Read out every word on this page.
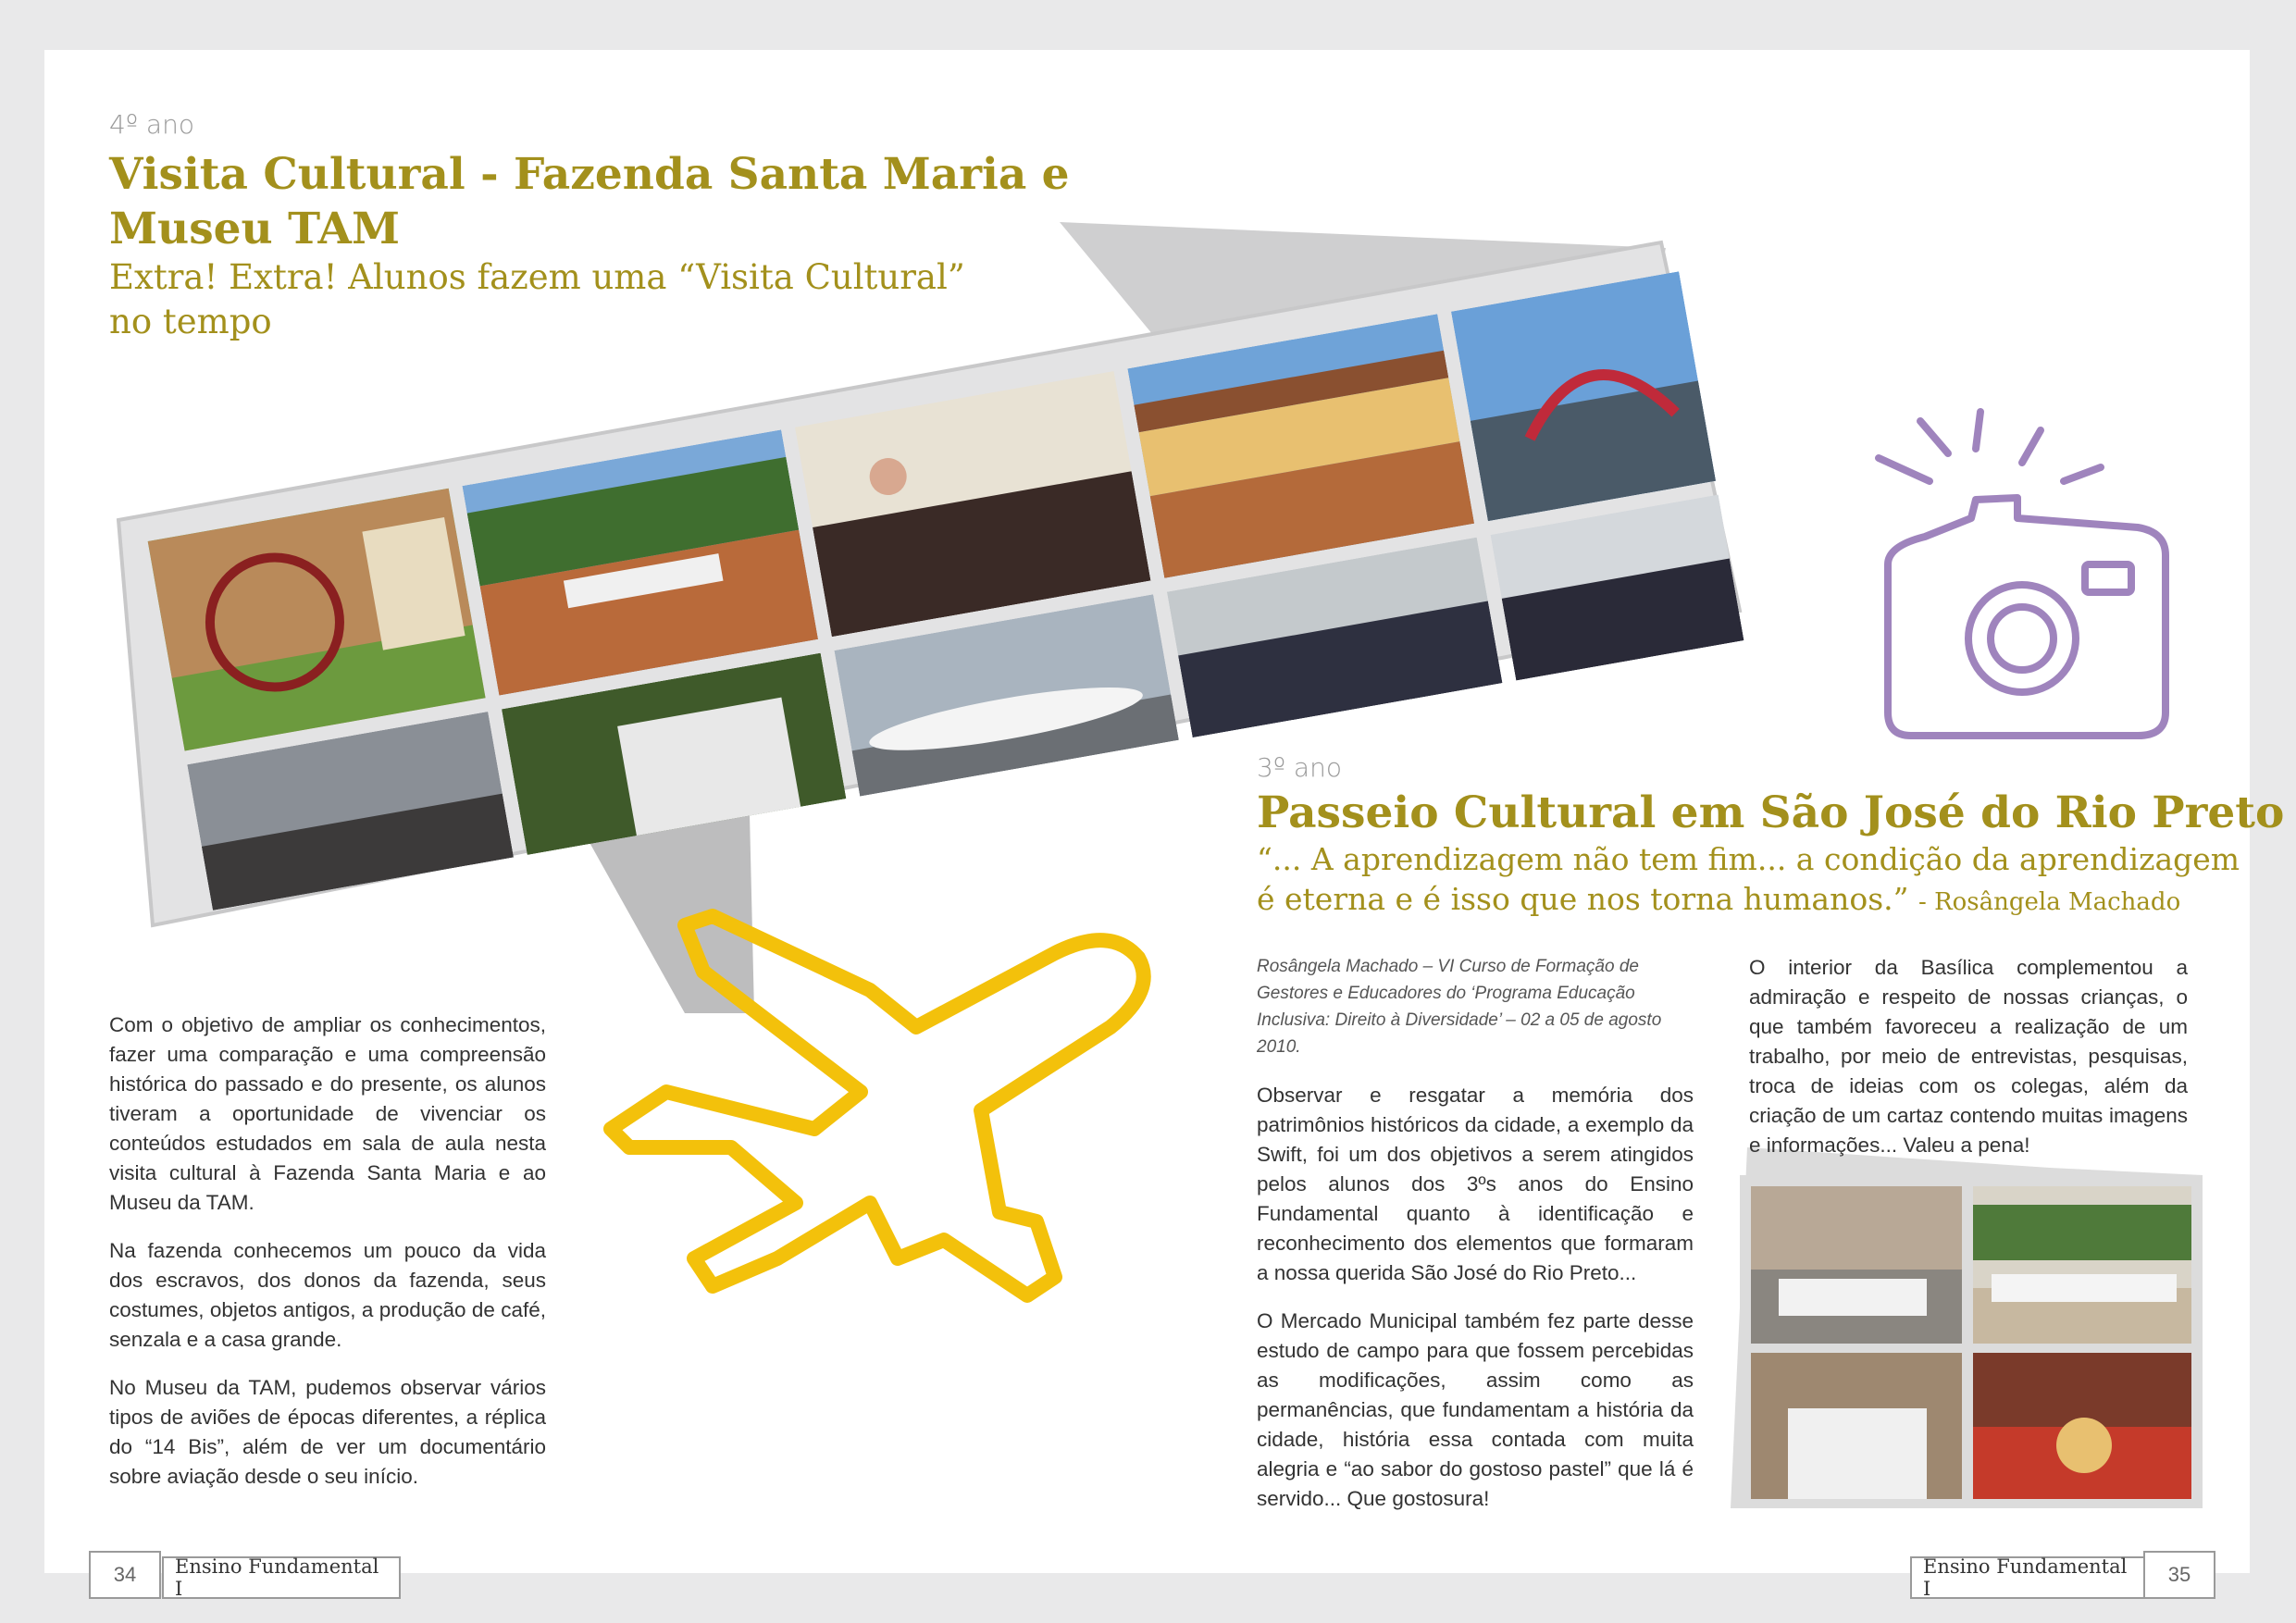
4º ano
Visita Cultural - Fazenda Santa Maria e
Museu TAM
Extra! Extra! Alunos fazem uma “Visita Cultural”
no tempo

Com o objetivo de ampliar os conhecimentos, fazer uma comparação e uma compreensão histórica do passado e do presente, os alunos tiveram a oportunidade de vivenciar os conteúdos estudados em sala de aula nesta visita cultural à Fazenda Santa Maria e ao Museu da TAM.

Na fazenda conhecemos um pouco da vida dos escravos, dos donos da fazenda, seus costumes, objetos antigos, a produção de café, senzala e a casa grande.

No Museu da TAM, pudemos observar vários tipos de aviões de épocas diferentes, a réplica do “14 Bis”, além de ver um documentário sobre aviação desde o seu início.

3º ano
Passeio Cultural em São José do Rio Preto
“... A aprendizagem não tem fim... a condição da aprendizagem
é eterna e é isso que nos torna humanos.” - Rosângela Machado

Rosângela Machado – VI Curso de Formação de Gestores e Educadores do ‘Programa Educação Inclusiva: Direito à Diversidade’ – 02 a 05 de agosto 2010.

Observar e resgatar a memória dos patrimônios históricos da cidade, a exemplo da Swift, foi um dos objetivos a serem atingidos pelos alunos dos 3ºs anos do Ensino Fundamental quanto à identificação e reconhecimento dos elementos que formaram a nossa querida São José do Rio Preto...

O Mercado Municipal também fez parte desse estudo de campo para que fossem percebidas as modificações, assim como as permanências, que fundamentam a história da cidade, história essa contada com muita alegria e “ao sabor do gostoso pastel” que lá é servido... Que gostosura!

O interior da Basílica complementou a admiração e respeito de nossas crianças, o que também favoreceu a realização de um trabalho, por meio de entrevistas, pesquisas, troca de ideias com os colegas, além da criação de um cartaz contendo muitas imagens e informações... Valeu a pena!

34	Ensino Fundamental I
Ensino Fundamental I
35
